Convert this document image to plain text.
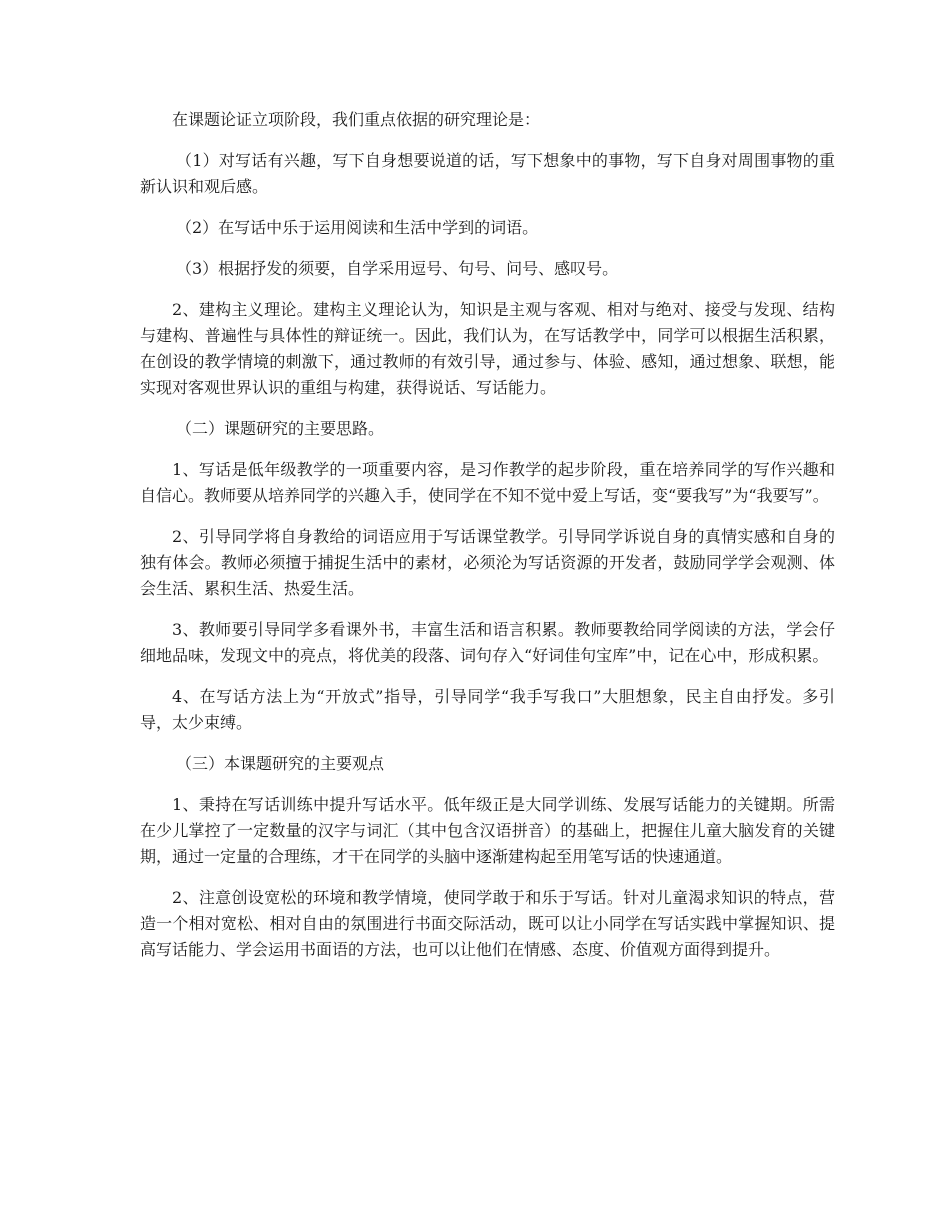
在课题论证立项阶段，我们重点依据的研究理论是：

（1）对写话有兴趣，写下自身想要说道的话，写下想象中的事物，写下自身对周围事物的重新认识和观后感。

（2）在写话中乐于运用阅读和生活中学到的词语。

（3）根据抒发的须要，自学采用逗号、句号、问号、感叹号。

2、建构主义理论。建构主义理论认为，知识是主观与客观、相对与绝对、接受与发现、结构与建构、普遍性与具体性的辩证统一。因此，我们认为，在写话教学中，同学可以根据生活积累，在创设的教学情境的刺激下，通过教师的有效引导，通过参与、体验、感知，通过想象、联想，能实现对客观世界认识的重组与构建，获得说话、写话能力。

（二）课题研究的主要思路。

1、写话是低年级教学的一项重要内容，是习作教学的起步阶段，重在培养同学的写作兴趣和自信心。教师要从培养同学的兴趣入手，使同学在不知不觉中爱上写话，变“要我写”为“我要写”。

2、引导同学将自身教给的词语应用于写话课堂教学。引导同学诉说自身的真情实感和自身的独有体会。教师必须擅于捕捉生活中的素材，必须沦为写话资源的开发者，鼓励同学学会观测、体会生活、累积生活、热爱生活。

3、教师要引导同学多看课外书，丰富生活和语言积累。教师要教给同学阅读的方法，学会仔细地品味，发现文中的亮点，将优美的段落、词句存入“好词佳句宝库”中，记在心中，形成积累。

4、在写话方法上为“开放式”指导，引导同学“我手写我口”大胆想象，民主自由抒发。多引导，太少束缚。

（三）本课题研究的主要观点

1、秉持在写话训练中提升写话水平。低年级正是大同学训练、发展写话能力的关键期。所需在少儿掌控了一定数量的汉字与词汇（其中包含汉语拼音）的基础上，把握住儿童大脑发育的关键期，通过一定量的合理练，才干在同学的头脑中逐渐建构起至用笔写话的快速通道。

2、注意创设宽松的环境和教学情境，使同学敢于和乐于写话。针对儿童渴求知识的特点，营造一个相对宽松、相对自由的氛围进行书面交际活动，既可以让小同学在写话实践中掌握知识、提高写话能力、学会运用书面语的方法，也可以让他们在情感、态度、价值观方面得到提升。
